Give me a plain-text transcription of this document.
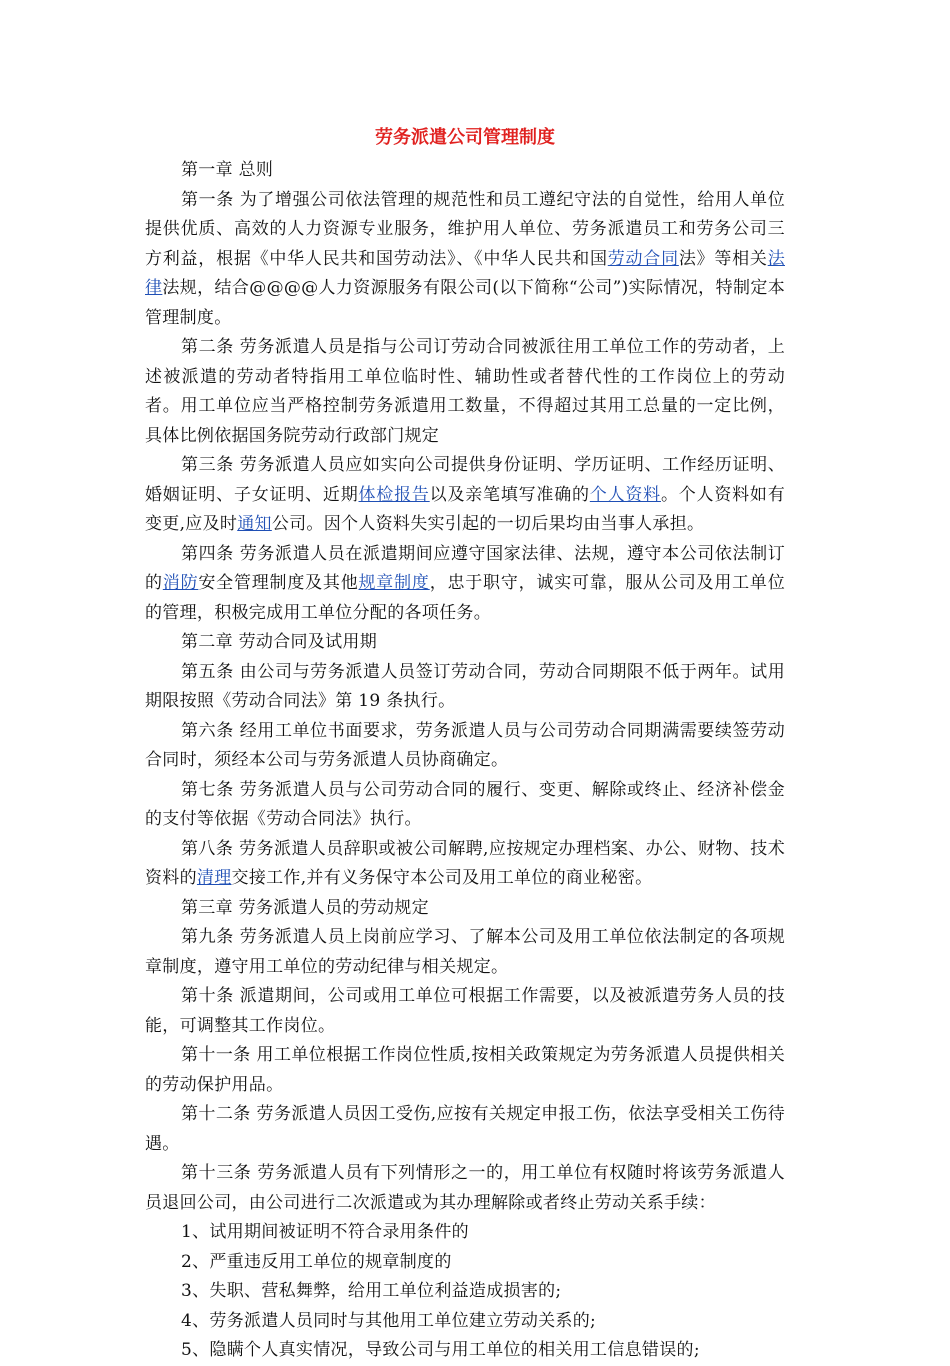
劳务派遣公司管理制度

第一章 总则

第一条 为了增强公司依法管理的规范性和员工遵纪守法的自觉性，给用人单位提供优质、高效的人力资源专业服务，维护用人单位、劳务派遣员工和劳务公司三方利益，根据《中华人民共和国劳动法》、《中华人民共和国劳动合同法》等相关法律法规，结合@@@@人力资源服务有限公司(以下简称“公司”)实际情况，特制定本管理制度。

第二条 劳务派遣人员是指与公司订劳动合同被派往用工单位工作的劳动者，上述被派遣的劳动者特指用工单位临时性、辅助性或者替代性的工作岗位上的劳动者。用工单位应当严格控制劳务派遣用工数量，不得超过其用工总量的一定比例，具体比例依据国务院劳动行政部门规定

第三条 劳务派遣人员应如实向公司提供身份证明、学历证明、工作经历证明、婚姻证明、子女证明、近期体检报告以及亲笔填写准确的个人资料。个人资料如有变更,应及时通知公司。因个人资料失实引起的一切后果均由当事人承担。

第四条 劳务派遣人员在派遣期间应遵守国家法律、法规，遵守本公司依法制订的消防安全管理制度及其他规章制度，忠于职守，诚实可靠，服从公司及用工单位的管理，积极完成用工单位分配的各项任务。

第二章 劳动合同及试用期

第五条 由公司与劳务派遣人员签订劳动合同，劳动合同期限不低于两年。试用期限按照《劳动合同法》第 19 条执行。

第六条 经用工单位书面要求，劳务派遣人员与公司劳动合同期满需要续签劳动合同时，须经本公司与劳务派遣人员协商确定。

第七条 劳务派遣人员与公司劳动合同的履行、变更、解除或终止、经济补偿金的支付等依据《劳动合同法》执行。

第八条 劳务派遣人员辞职或被公司解聘,应按规定办理档案、办公、财物、技术资料的清理交接工作,并有义务保守本公司及用工单位的商业秘密。

第三章 劳务派遣人员的劳动规定

第九条 劳务派遣人员上岗前应学习、了解本公司及用工单位依法制定的各项规章制度，遵守用工单位的劳动纪律与相关规定。

第十条 派遣期间，公司或用工单位可根据工作需要，以及被派遣劳务人员的技能，可调整其工作岗位。

第十一条 用工单位根据工作岗位性质,按相关政策规定为劳务派遣人员提供相关的劳动保护用品。

第十二条 劳务派遣人员因工受伤,应按有关规定申报工伤，依法享受相关工伤待遇。

第十三条 劳务派遣人员有下列情形之一的，用工单位有权随时将该劳务派遣人员退回公司，由公司进行二次派遣或为其办理解除或者终止劳动关系手续：

1、试用期间被证明不符合录用条件的

2、严重违反用工单位的规章制度的

3、失职、营私舞弊，给用工单位利益造成损害的;

4、劳务派遣人员同时与其他用工单位建立劳动关系的;

5、隐瞒个人真实情况，导致公司与用工单位的相关用工信息错误的;
